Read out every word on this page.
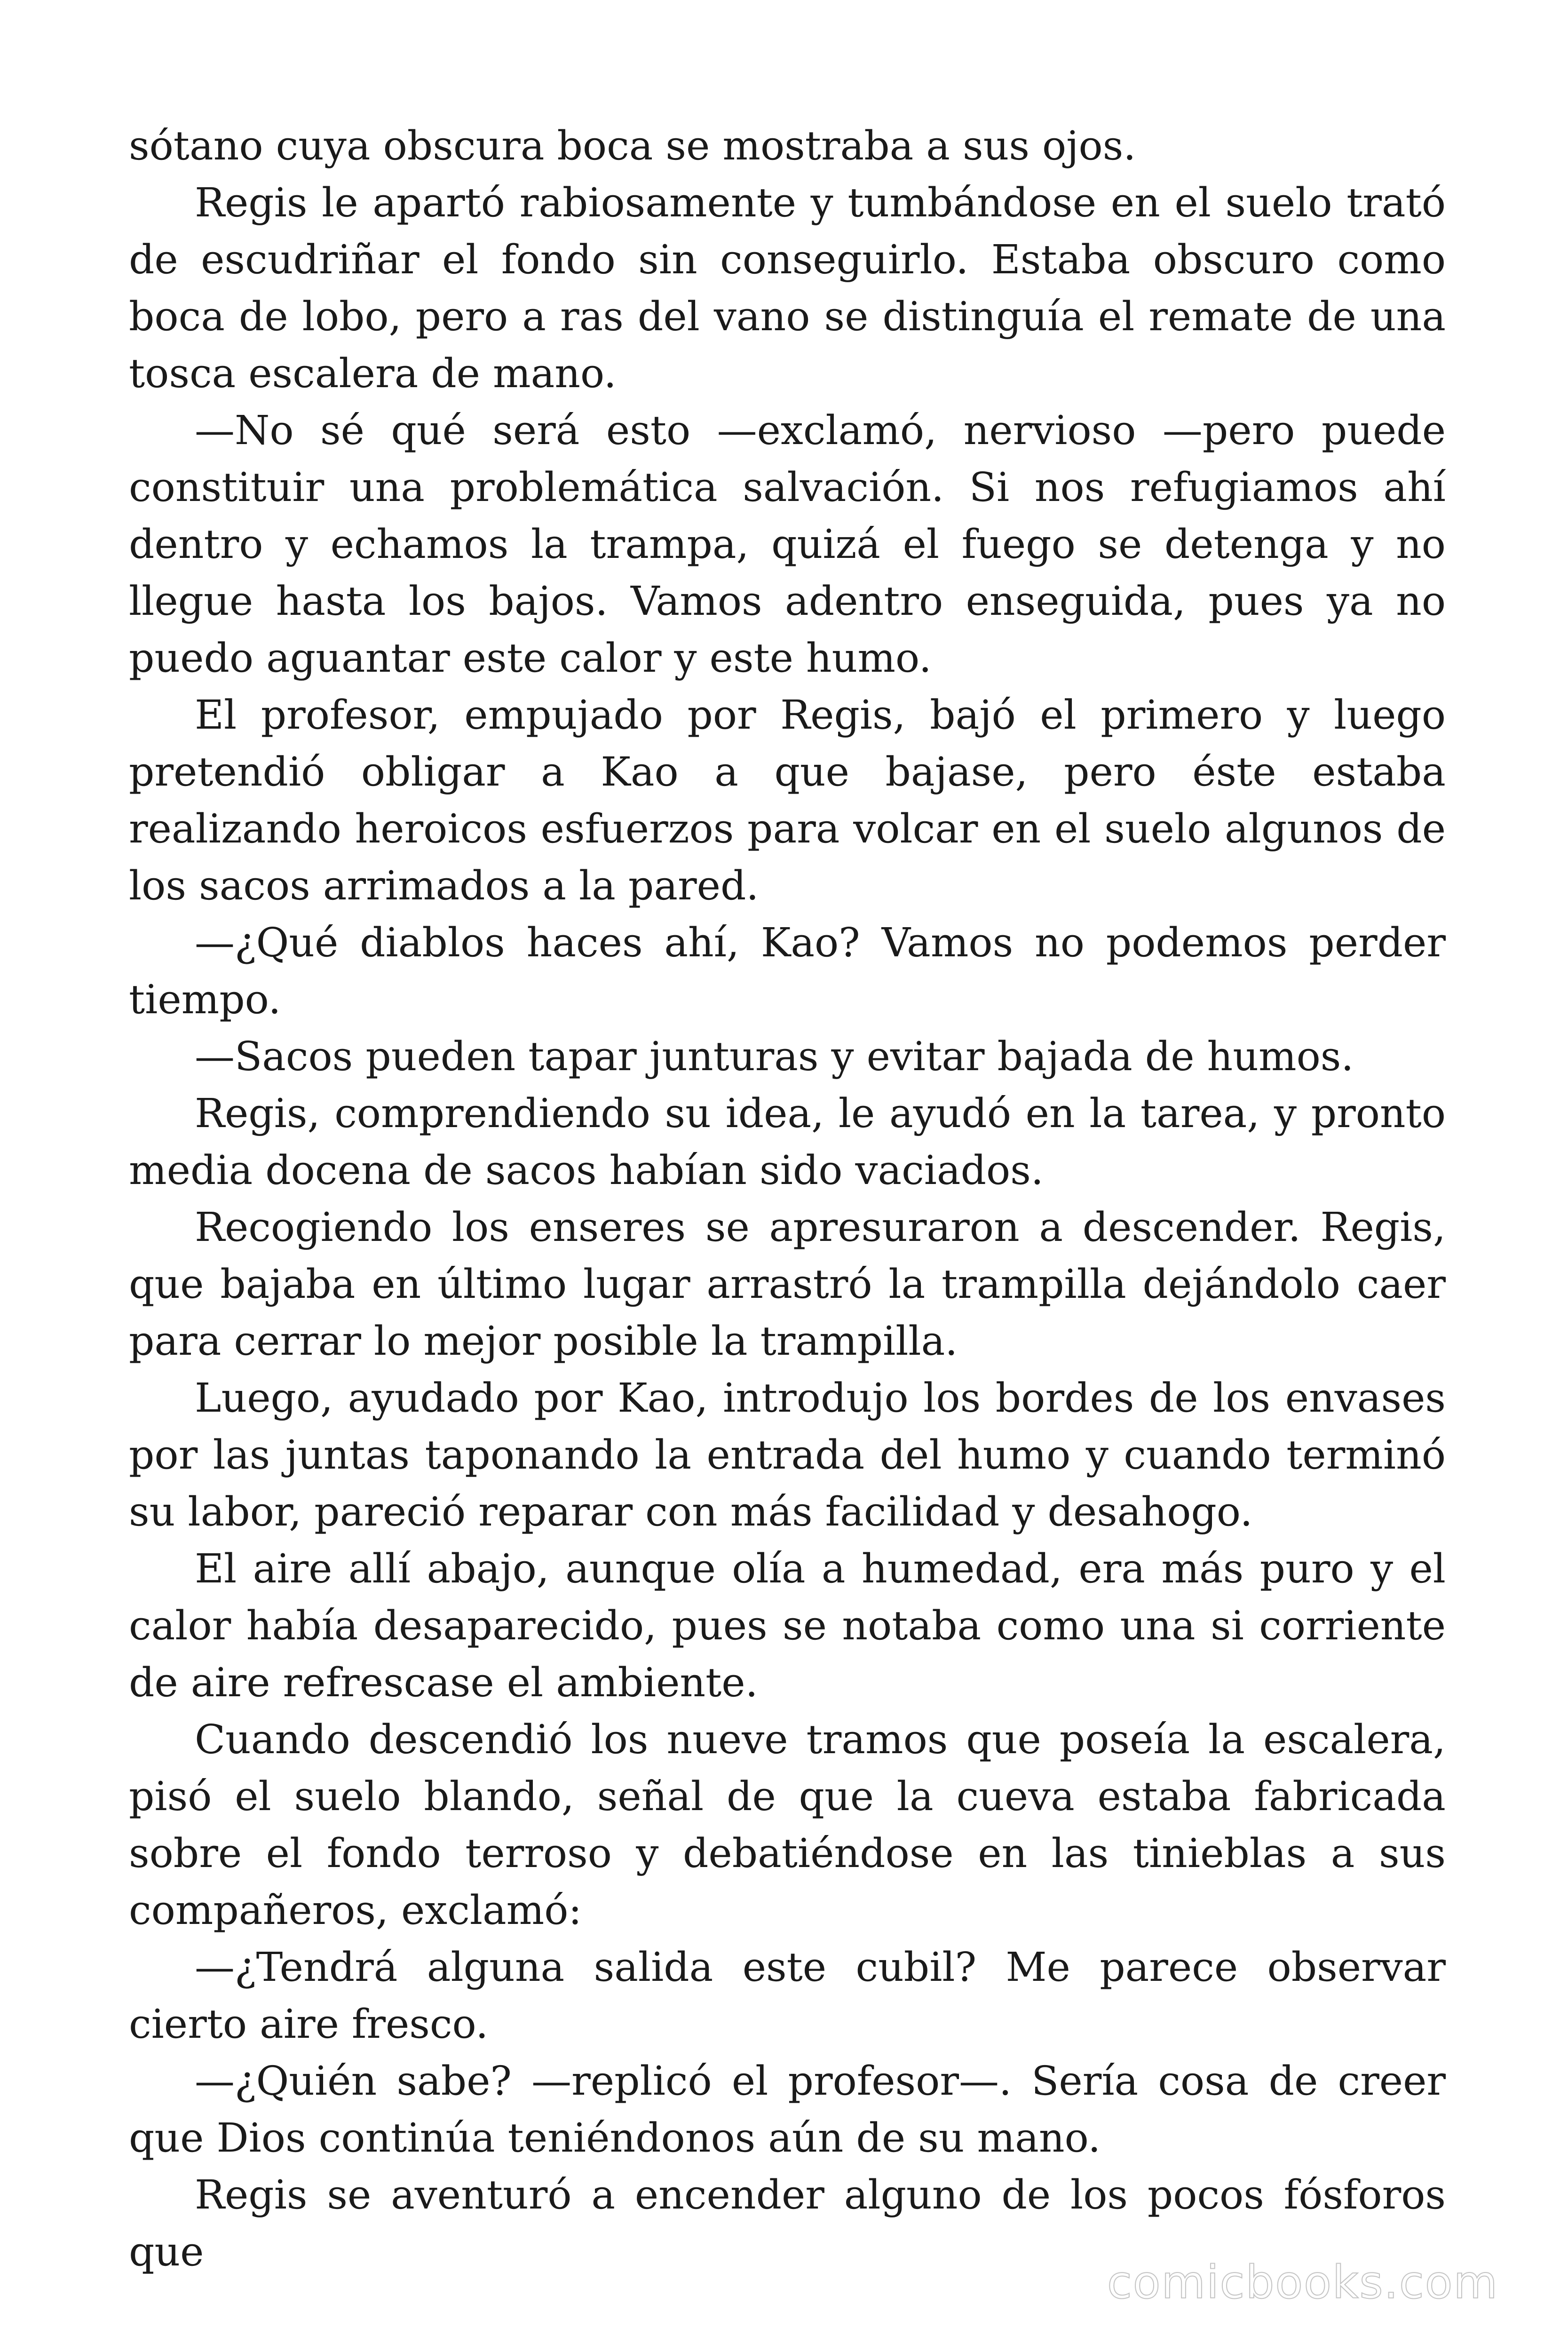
sótano cuya obscura boca se mostraba a sus ojos.

Regis le apartó rabiosamente y tumbándose en el suelo trató de escudriñar el fondo sin conseguirlo. Estaba obscuro como boca de lobo, pero a ras del vano se distinguía el remate de una tosca escalera de mano.

—No sé qué será esto —exclamó, nervioso —pero puede constituir una problemática salvación. Si nos refugiamos ahí dentro y echamos la trampa, quizá el fuego se detenga y no llegue hasta los bajos. Vamos adentro enseguida, pues ya no puedo aguantar este calor y este humo.

El profesor, empujado por Regis, bajó el primero y luego pretendió obligar a Kao a que bajase, pero éste estaba realizando heroicos esfuerzos para volcar en el suelo algunos de los sacos arrimados a la pared.

—¿Qué diablos haces ahí, Kao? Vamos no podemos perder tiempo.

—Sacos pueden tapar junturas y evitar bajada de humos.

Regis, comprendiendo su idea, le ayudó en la tarea, y pronto media docena de sacos habían sido vaciados.

Recogiendo los enseres se apresuraron a descender. Regis, que bajaba en último lugar arrastró la trampilla dejándolo caer para cerrar lo mejor posible la trampilla.

Luego, ayudado por Kao, introdujo los bordes de los envases por las juntas taponando la entrada del humo y cuando terminó su labor, pareció reparar con más facilidad y desahogo.

El aire allí abajo, aunque olía a humedad, era más puro y el calor había desaparecido, pues se notaba como una si corriente de aire refrescase el ambiente.

Cuando descendió los nueve tramos que poseía la escalera, pisó el suelo blando, señal de que la cueva estaba fabricada sobre el fondo terroso y debatiéndose en las tinieblas a sus compañeros, exclamó:

—¿Tendrá alguna salida este cubil? Me parece observar cierto aire fresco.

—¿Quién sabe? —replicó el profesor—. Sería cosa de creer que Dios continúa teniéndonos aún de su mano.

Regis se aventuró a encender alguno de los pocos fósforos que

comicbooks.com
